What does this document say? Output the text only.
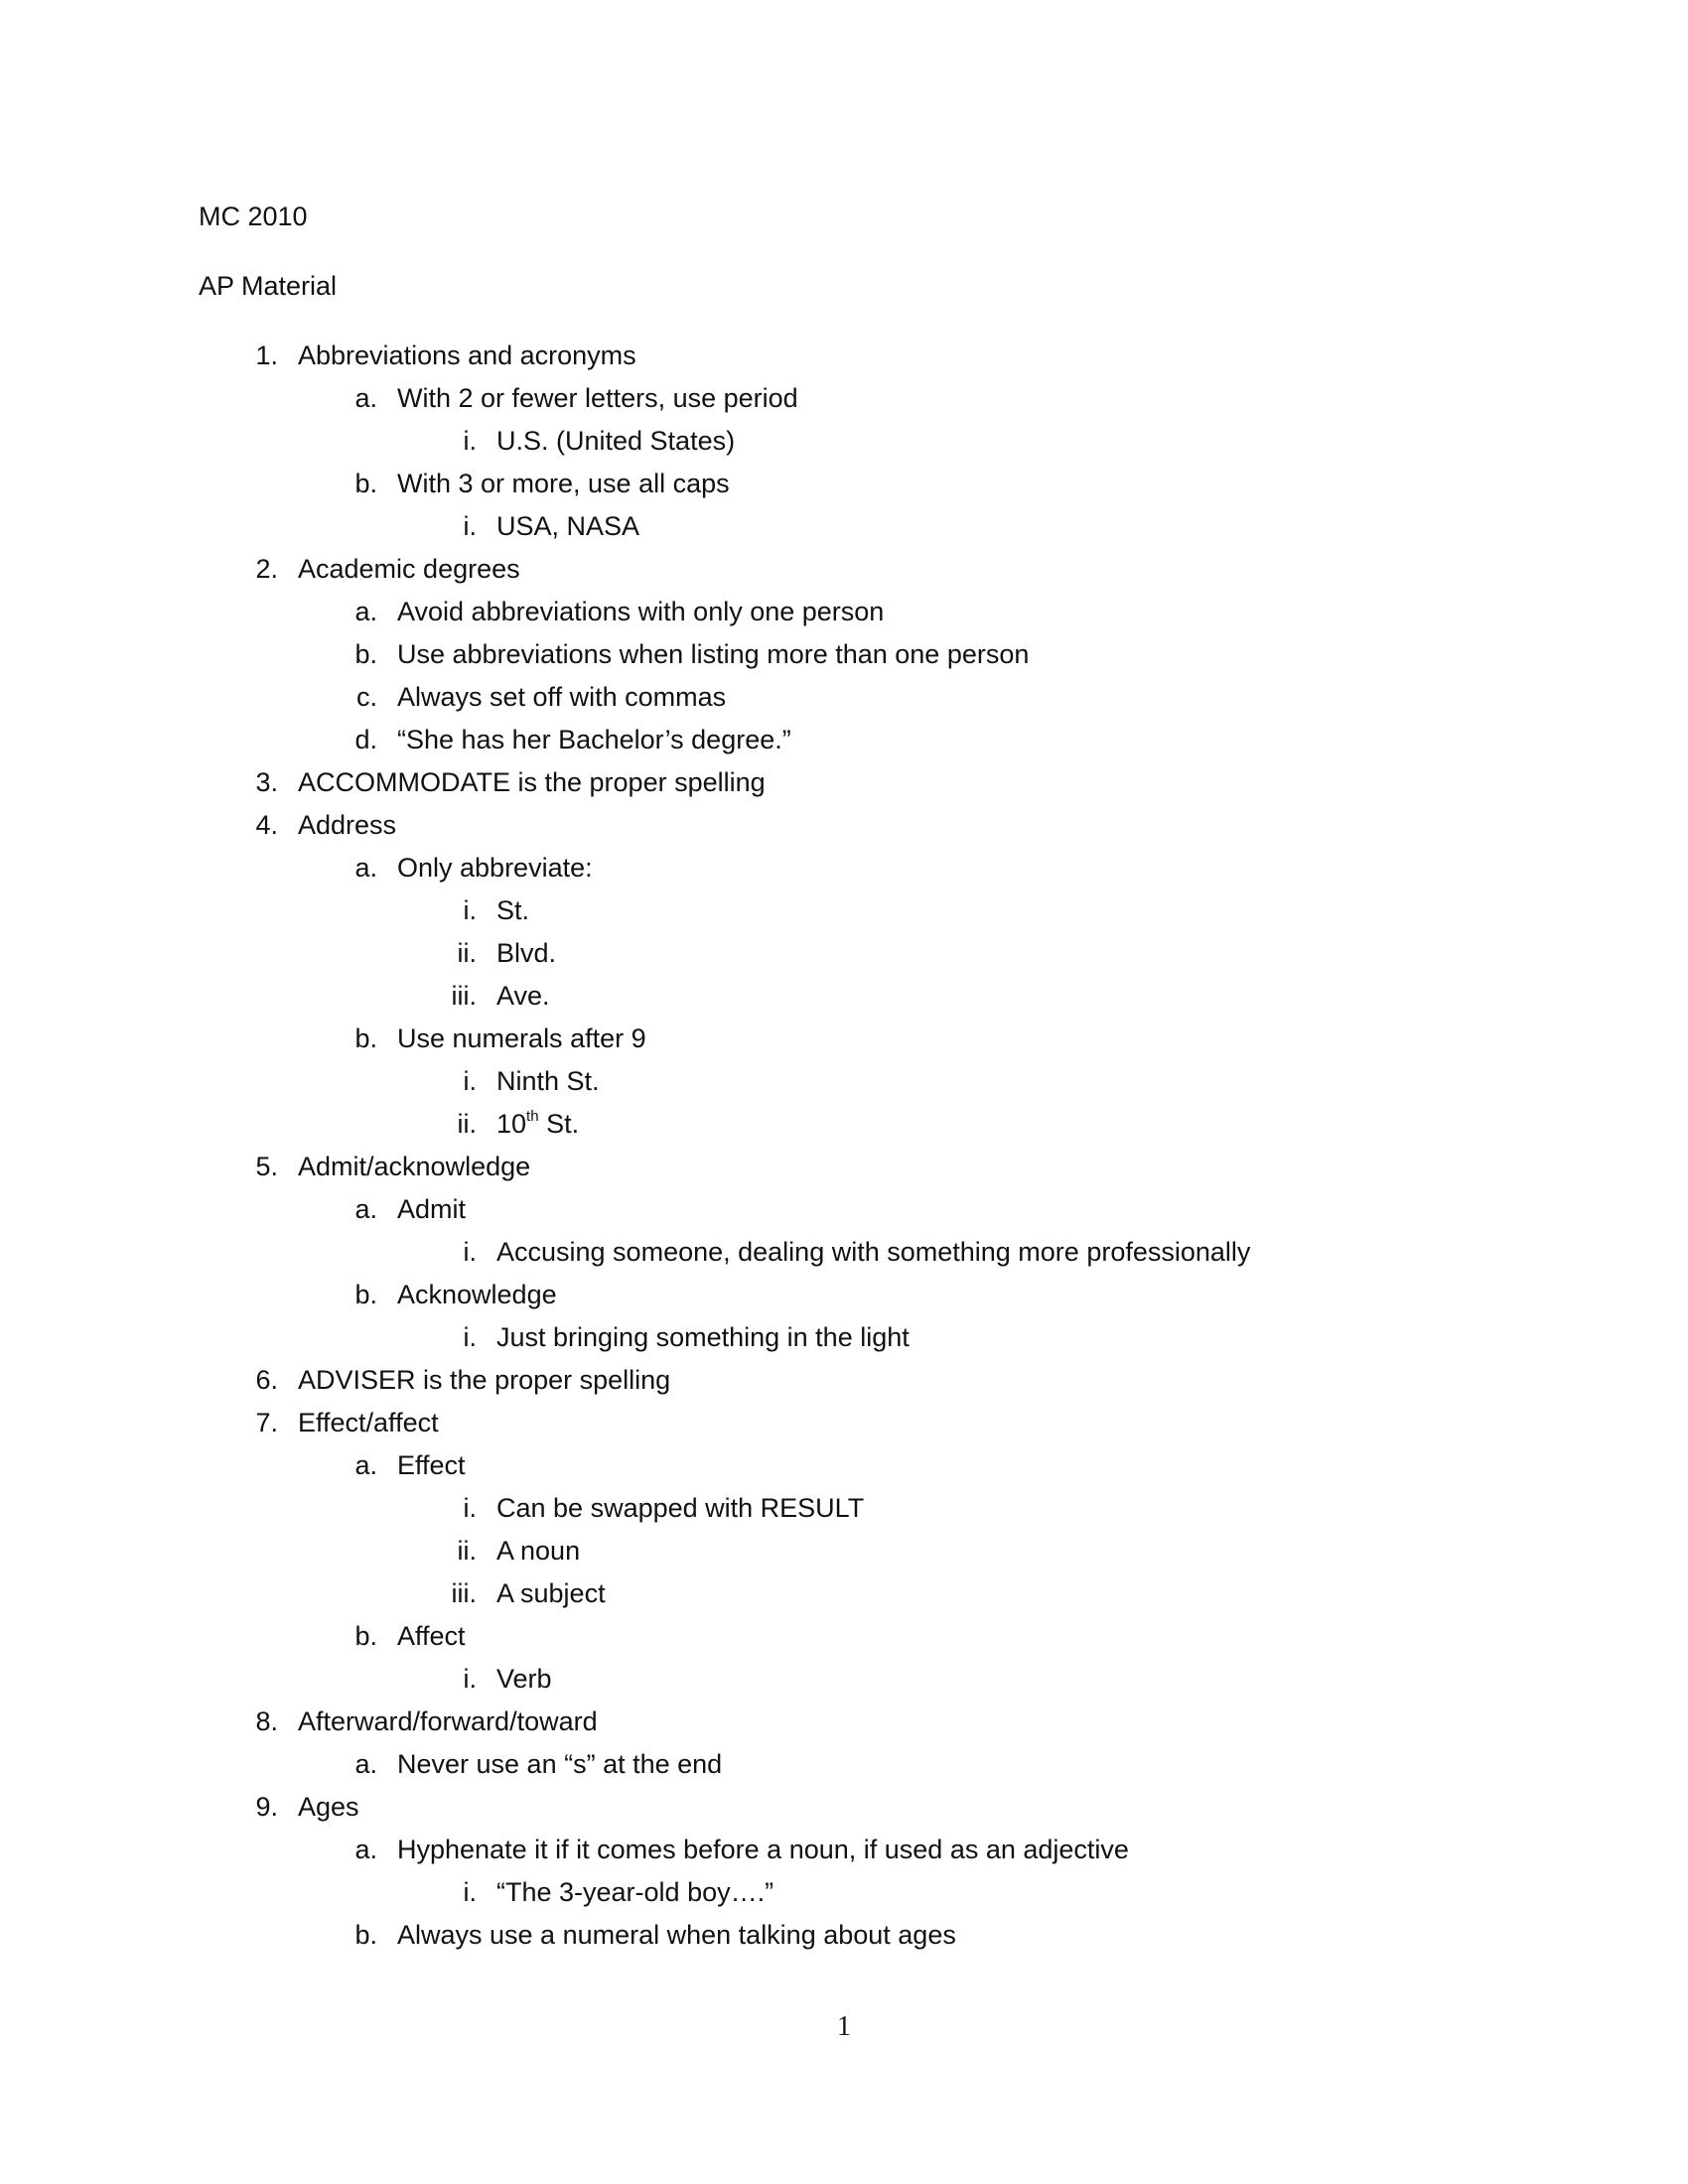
MC 2010
AP Material
1. Abbreviations and acronyms
a. With 2 or fewer letters, use period
i. U.S. (United States)
b. With 3 or more, use all caps
i. USA, NASA
2. Academic degrees
a. Avoid abbreviations with only one person
b. Use abbreviations when listing more than one person
c. Always set off with commas
d. “She has her Bachelor’s degree.”
3. ACCOMMODATE is the proper spelling
4. Address
a. Only abbreviate:
i. St.
ii. Blvd.
iii. Ave.
b. Use numerals after 9
i. Ninth St.
ii. 10th St.
5. Admit/acknowledge
a. Admit
i. Accusing someone, dealing with something more professionally
b. Acknowledge
i. Just bringing something in the light
6. ADVISER is the proper spelling
7. Effect/affect
a. Effect
i. Can be swapped with RESULT
ii. A noun
iii. A subject
b. Affect
i. Verb
8. Afterward/forward/toward
a. Never use an “s” at the end
9. Ages
a. Hyphenate it if it comes before a noun, if used as an adjective
i. “The 3-year-old boy….”
b. Always use a numeral when talking about ages
1
